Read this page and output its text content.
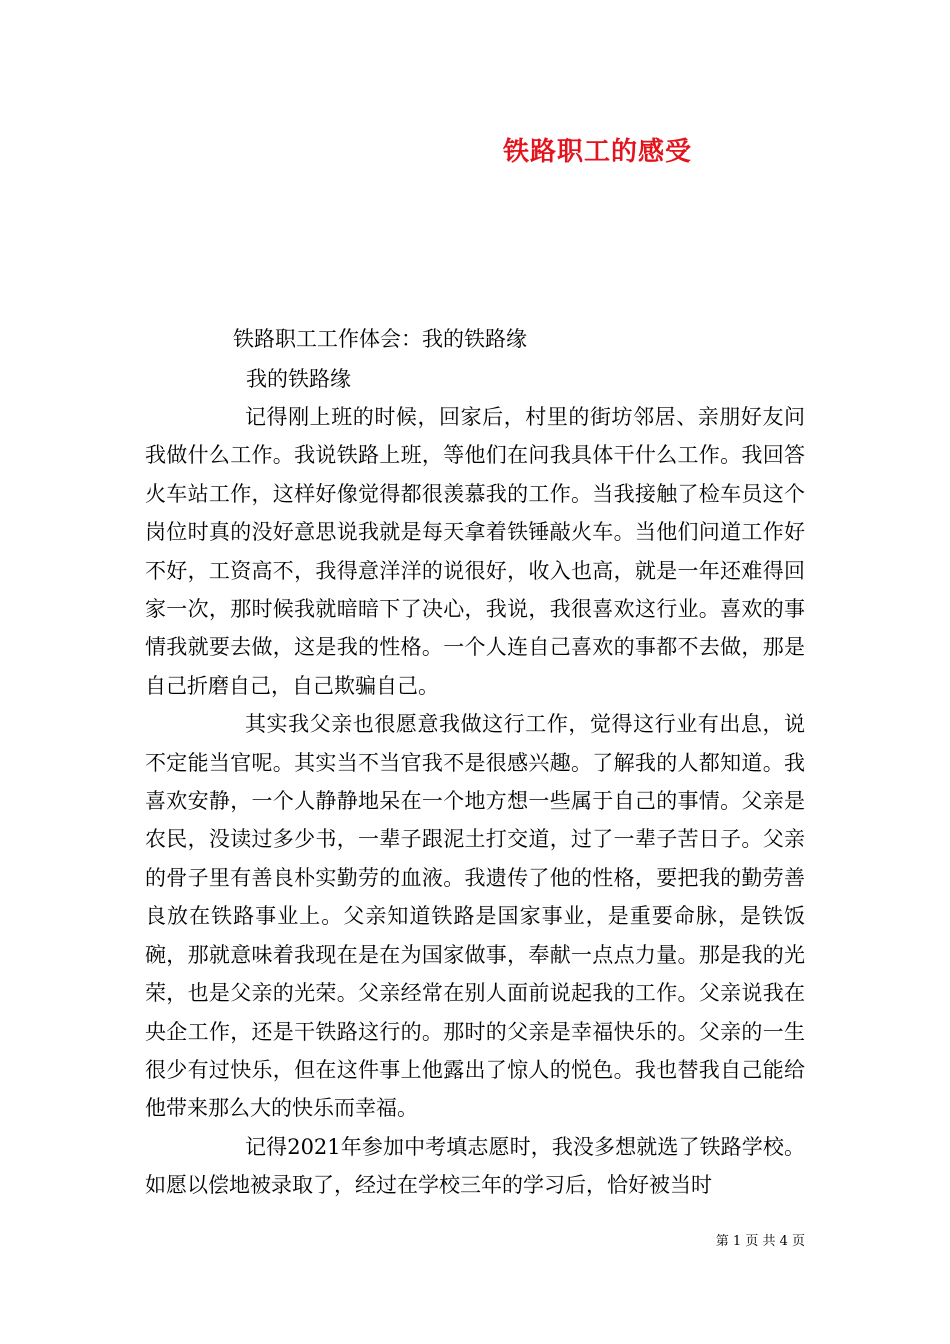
铁路职工的感受
铁路职工工作体会：我的铁路缘
我的铁路缘

记得刚上班的时候，回家后，村里的街坊邻居、亲朋好友问我做什么工作。我说铁路上班，等他们在问我具体干什么工作。我回答火车站工作，这样好像觉得都很羡慕我的工作。当我接触了检车员这个岗位时真的没好意思说我就是每天拿着铁锤敲火车。当他们问道工作好不好，工资高不，我得意洋洋的说很好，收入也高，就是一年还难得回家一次，那时候我就暗暗下了决心，我说，我很喜欢这行业。喜欢的事情我就要去做，这是我的性格。一个人连自己喜欢的事都不去做，那是自己折磨自己，自己欺骗自己。

其实我父亲也很愿意我做这行工作，觉得这行业有出息，说不定能当官呢。其实当不当官我不是很感兴趣。了解我的人都知道。我喜欢安静，一个人静静地呆在一个地方想一些属于自己的事情。父亲是农民，没读过多少书，一辈子跟泥土打交道，过了一辈子苦日子。父亲的骨子里有善良朴实勤劳的血液。我遗传了他的性格，要把我的勤劳善良放在铁路事业上。父亲知道铁路是国家事业，是重要命脉，是铁饭碗，那就意味着我现在是在为国家做事，奉献一点点力量。那是我的光荣，也是父亲的光荣。父亲经常在别人面前说起我的工作。父亲说我在央企工作，还是干铁路这行的。那时的父亲是幸福快乐的。父亲的一生很少有过快乐，但在这件事上他露出了惊人的悦色。我也替我自己能给他带来那么大的快乐而幸福。

记得2021年参加中考填志愿时，我没多想就选了铁路学校。如愿以偿地被录取了，经过在学校三年的学习后，恰好被当时

第 1 页 共 4 页
